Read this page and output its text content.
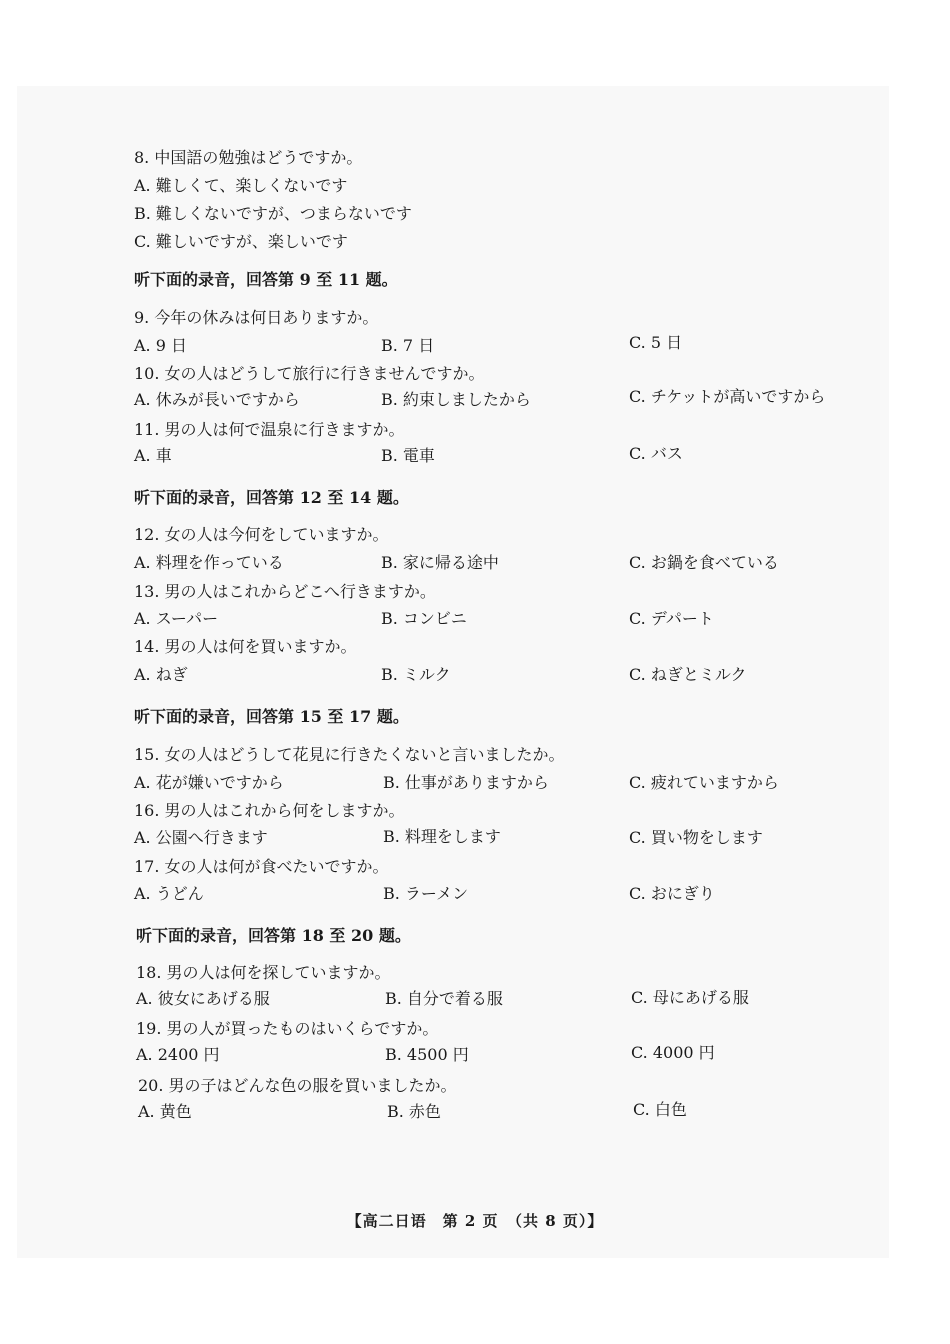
8. 中国語の勉強はどうですか。
A. 難しくて、楽しくないです
B. 難しくないですが、つまらないです
C. 難しいですが、楽しいです
听下面的录音，回答第 9 至 11 题。
9. 今年の休みは何日ありますか。
A. 9 日	B. 7 日	C. 5 日
10. 女の人はどうして旅行に行きませんですか。
A. 休みが長いですから	B. 約束しましたから	C. チケットが高いですから
11. 男の人は何で温泉に行きますか。
A. 車	B. 電車	C. バス
听下面的录音，回答第 12 至 14 题。
12. 女の人は今何をしていますか。
A. 料理を作っている	B. 家に帰る途中	C. お鍋を食べている
13. 男の人はこれからどこへ行きますか。
A. スーパー	B. コンビニ	C. デパート
14. 男の人は何を買いますか。
A. ねぎ	B. ミルク	C. ねぎとミルク
听下面的录音，回答第 15 至 17 题。
15. 女の人はどうして花見に行きたくないと言いましたか。
A. 花が嫌いですから	B. 仕事がありますから	C. 疲れていますから
16. 男の人はこれから何をしますか。
A. 公園へ行きます	B. 料理をします	C. 買い物をします
17. 女の人は何が食べたいですか。
A. うどん	B. ラーメン	C. おにぎり
听下面的录音，回答第 18 至 20 题。
18. 男の人は何を探していますか。
A. 彼女にあげる服	B. 自分で着る服	C. 母にあげる服
19. 男の人が買ったものはいくらですか。
A. 2400 円	B. 4500 円	C. 4000 円
20. 男の子はどんな色の服を買いましたか。
A. 黄色	B. 赤色	C. 白色
【高二日语　第 2 页　（共 8 页）】
